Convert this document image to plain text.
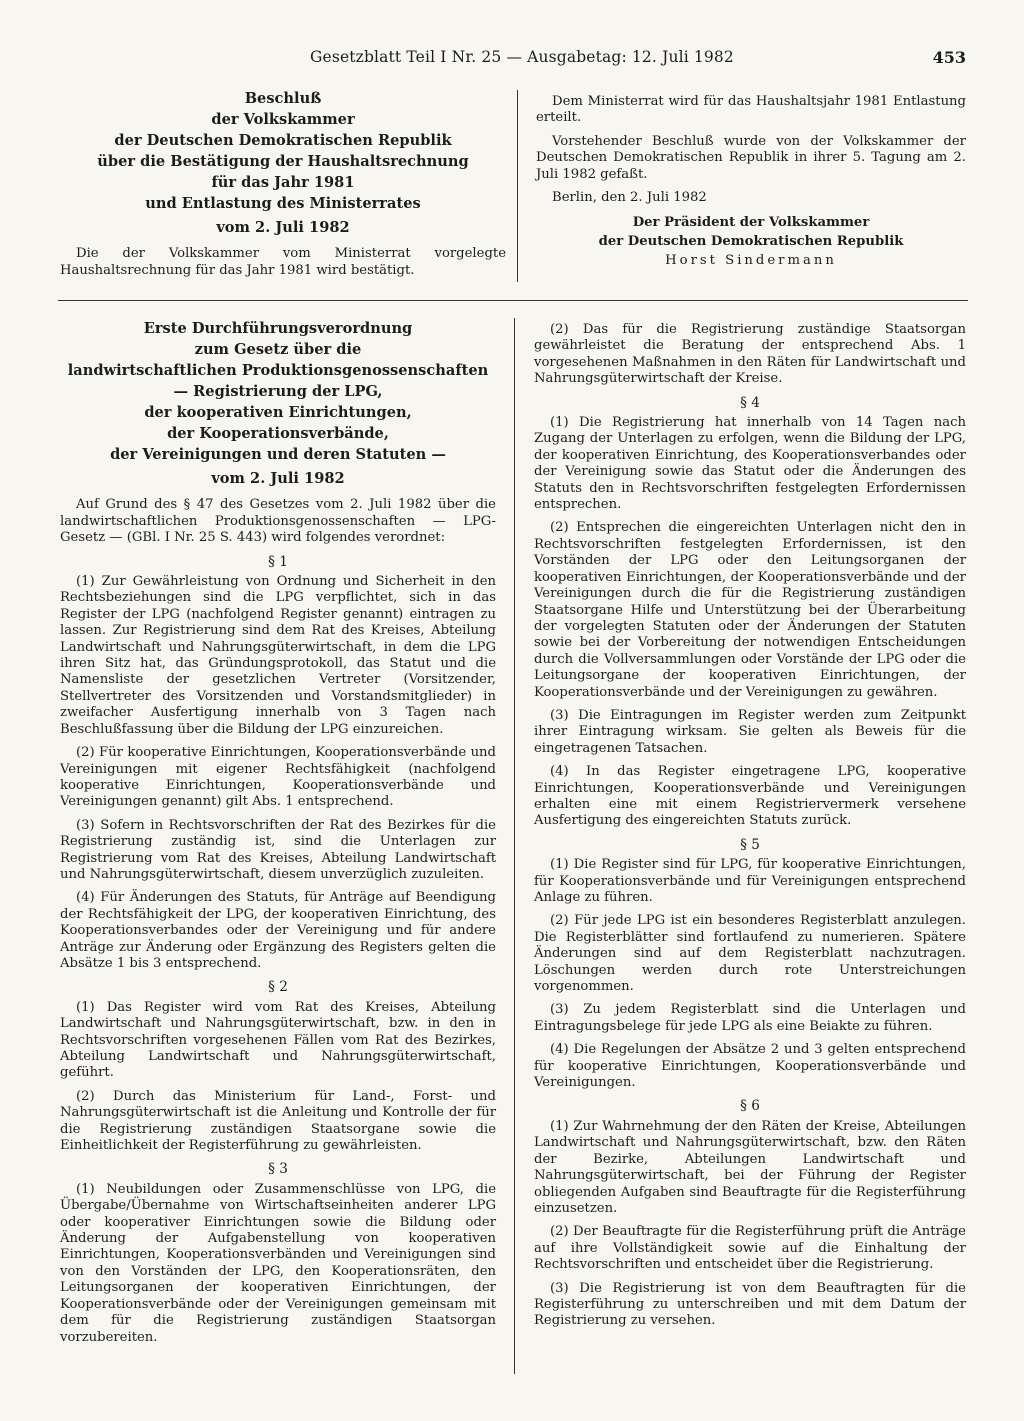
Gesetzblatt Teil I Nr. 25 — Ausgabetag: 12. Juli 1982	453
Beschluß
der Volkskammer
der Deutschen Demokratischen Republik
über die Bestätigung der Haushaltsrechnung
für das Jahr 1981
und Entlastung des Ministerrates
vom 2. Juli 1982

Die der Volkskammer vom Ministerrat vorgelegte Haushaltsrechnung für das Jahr 1981 wird bestätigt.

Dem Ministerrat wird für das Haushaltsjahr 1981 Entlastung erteilt.

Vorstehender Beschluß wurde von der Volkskammer der Deutschen Demokratischen Republik in ihrer 5. Tagung am 2. Juli 1982 gefaßt.

Berlin, den 2. Juli 1982

Der Präsident der Volkskammer
der Deutschen Demokratischen Republik
Horst Sindermann
Erste Durchführungsverordnung
zum Gesetz über die
landwirtschaftlichen Produktionsgenossenschaften
— Registrierung der LPG,
der kooperativen Einrichtungen,
der Kooperationsverbände,
der Vereinigungen und deren Statuten —
vom 2. Juli 1982

Auf Grund des § 47 des Gesetzes vom 2. Juli 1982 über die landwirtschaftlichen Produktionsgenossenschaften — LPG-Gesetz — (GBl. I Nr. 25 S. 443) wird folgendes verordnet:

§ 1

(1) Zur Gewährleistung von Ordnung und Sicherheit in den Rechtsbeziehungen sind die LPG verpflichtet, sich in das Register der LPG (nachfolgend Register genannt) eintragen zu lassen. Zur Registrierung sind dem Rat des Kreises, Abteilung Landwirtschaft und Nahrungsgüterwirtschaft, in dem die LPG ihren Sitz hat, das Gründungsprotokoll, das Statut und die Namensliste der gesetzlichen Vertreter (Vorsitzender, Stellvertreter des Vorsitzenden und Vorstandsmitglieder) in zweifacher Ausfertigung innerhalb von 3 Tagen nach Beschlußfassung über die Bildung der LPG einzureichen.

(2) Für kooperative Einrichtungen, Kooperationsverbände und Vereinigungen mit eigener Rechtsfähigkeit (nachfolgend kooperative Einrichtungen, Kooperationsverbände und Vereinigungen genannt) gilt Abs. 1 entsprechend.

(3) Sofern in Rechtsvorschriften der Rat des Bezirkes für die Registrierung zuständig ist, sind die Unterlagen zur Registrierung vom Rat des Kreises, Abteilung Landwirtschaft und Nahrungsgüterwirtschaft, diesem unverzüglich zuzuleiten.

(4) Für Änderungen des Statuts, für Anträge auf Beendigung der Rechtsfähigkeit der LPG, der kooperativen Einrichtung, des Kooperationsverbandes oder der Vereinigung und für andere Anträge zur Änderung oder Ergänzung des Registers gelten die Absätze 1 bis 3 entsprechend.

§ 2

(1) Das Register wird vom Rat des Kreises, Abteilung Landwirtschaft und Nahrungsgüterwirtschaft, bzw. in den in Rechtsvorschriften vorgesehenen Fällen vom Rat des Bezirkes, Abteilung Landwirtschaft und Nahrungsgüterwirtschaft, geführt.

(2) Durch das Ministerium für Land-, Forst- und Nahrungsgüterwirtschaft ist die Anleitung und Kontrolle der für die Registrierung zuständigen Staatsorgane sowie die Einheitlichkeit der Registerführung zu gewährleisten.

§ 3

(1) Neubildungen oder Zusammenschlüsse von LPG, die Übergabe/Übernahme von Wirtschaftseinheiten anderer LPG oder kooperativer Einrichtungen sowie die Bildung oder Änderung der Aufgabenstellung von kooperativen Einrichtungen, Kooperationsverbänden und Vereinigungen sind von den Vorständen der LPG, den Kooperationsräten, den Leitungsorganen der kooperativen Einrichtungen, der Kooperationsverbände oder der Vereinigungen gemeinsam mit dem für die Registrierung zuständigen Staatsorgan vorzubereiten.

(2) Das für die Registrierung zuständige Staatsorgan gewährleistet die Beratung der entsprechend Abs. 1 vorgesehenen Maßnahmen in den Räten für Landwirtschaft und Nahrungsgüterwirtschaft der Kreise.

§ 4

(1) Die Registrierung hat innerhalb von 14 Tagen nach Zugang der Unterlagen zu erfolgen, wenn die Bildung der LPG, der kooperativen Einrichtung, des Kooperationsverbandes oder der Vereinigung sowie das Statut oder die Änderungen des Statuts den in Rechtsvorschriften festgelegten Erfordernissen entsprechen.

(2) Entsprechen die eingereichten Unterlagen nicht den in Rechtsvorschriften festgelegten Erfordernissen, ist den Vorständen der LPG oder den Leitungsorganen der kooperativen Einrichtungen, der Kooperationsverbände und der Vereinigungen durch die für die Registrierung zuständigen Staatsorgane Hilfe und Unterstützung bei der Überarbeitung der vorgelegten Statuten oder der Änderungen der Statuten sowie bei der Vorbereitung der notwendigen Entscheidungen durch die Vollversammlungen oder Vorstände der LPG oder die Leitungsorgane der kooperativen Einrichtungen, der Kooperationsverbände und der Vereinigungen zu gewähren.

(3) Die Eintragungen im Register werden zum Zeitpunkt ihrer Eintragung wirksam. Sie gelten als Beweis für die eingetragenen Tatsachen.

(4) In das Register eingetragene LPG, kooperative Einrichtungen, Kooperationsverbände und Vereinigungen erhalten eine mit einem Registriervermerk versehene Ausfertigung des eingereichten Statuts zurück.

§ 5

(1) Die Register sind für LPG, für kooperative Einrichtungen, für Kooperationsverbände und für Vereinigungen entsprechend Anlage zu führen.

(2) Für jede LPG ist ein besonderes Registerblatt anzulegen. Die Registerblätter sind fortlaufend zu numerieren. Spätere Änderungen sind auf dem Registerblatt nachzutragen. Löschungen werden durch rote Unterstreichungen vorgenommen.

(3) Zu jedem Registerblatt sind die Unterlagen und Eintragungsbelege für jede LPG als eine Beiakte zu führen.

(4) Die Regelungen der Absätze 2 und 3 gelten entsprechend für kooperative Einrichtungen, Kooperationsverbände und Vereinigungen.

§ 6

(1) Zur Wahrnehmung der den Räten der Kreise, Abteilungen Landwirtschaft und Nahrungsgüterwirtschaft, bzw. den Räten der Bezirke, Abteilungen Landwirtschaft und Nahrungsgüterwirtschaft, bei der Führung der Register obliegenden Aufgaben sind Beauftragte für die Registerführung einzusetzen.

(2) Der Beauftragte für die Registerführung prüft die Anträge auf ihre Vollständigkeit sowie auf die Einhaltung der Rechtsvorschriften und entscheidet über die Registrierung.

(3) Die Registrierung ist von dem Beauftragten für die Registerführung zu unterschreiben und mit dem Datum der Registrierung zu versehen.
